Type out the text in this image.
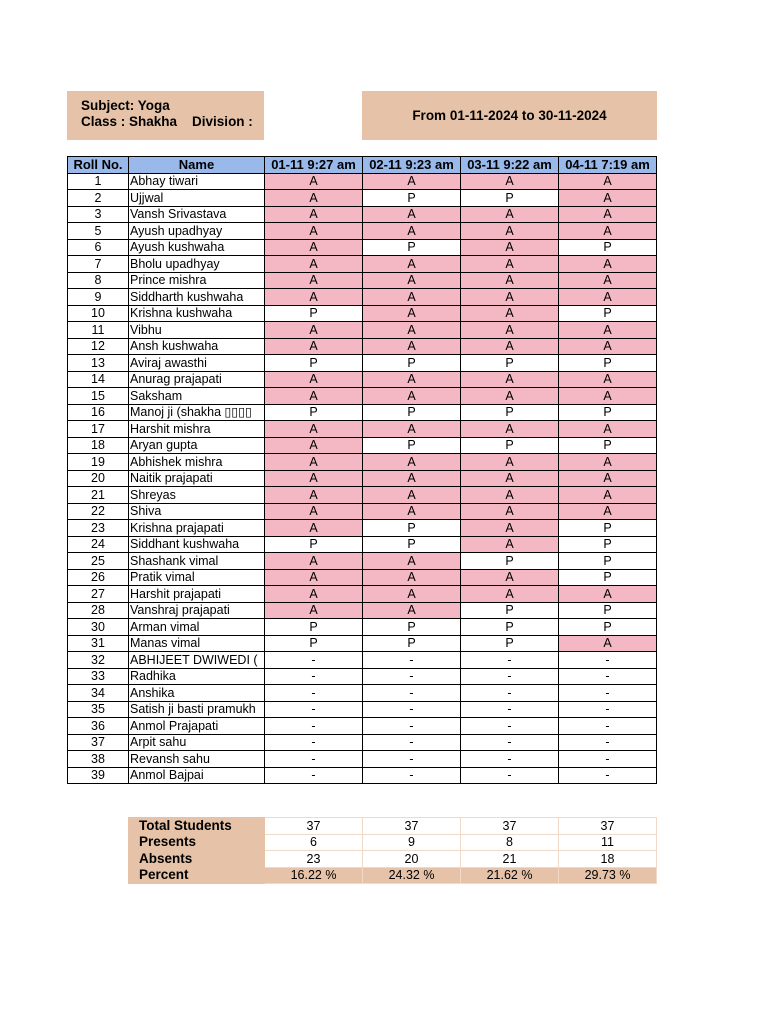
Subject: Yoga
Class : Shakha    Division :	From 01-11-2024 to 30-11-2024
Roll No.	Name	01-11 9:27 am	02-11 9:23 am	03-11 9:22 am	04-11 7:19 am
1	Abhay tiwari	A	A	A	A
2	Ujjwal	A	P	P	A
3	Vansh Srivastava	A	A	A	A
5	Ayush upadhyay	A	A	A	A
6	Ayush kushwaha	A	P	A	P
7	Bholu upadhyay	A	A	A	A
8	Prince mishra	A	A	A	A
9	Siddharth kushwaha	A	A	A	A
10	Krishna kushwaha	P	A	A	P
11	Vibhu	A	A	A	A
12	Ansh kushwaha	A	A	A	A
13	Aviraj awasthi	P	P	P	P
14	Anurag prajapati	A	A	A	A
15	Saksham	A	A	A	A
16	Manoj ji (shakha ▯▯▯▯	P	P	P	P
17	Harshit mishra	A	A	A	A
18	Aryan gupta	A	P	P	P
19	Abhishek mishra	A	A	A	A
20	Naitik prajapati	A	A	A	A
21	Shreyas	A	A	A	A
22	Shiva	A	A	A	A
23	Krishna prajapati	A	P	A	P
24	Siddhant kushwaha	P	P	A	P
25	Shashank vimal	A	A	P	P
26	Pratik vimal	A	A	A	P
27	Harshit prajapati	A	A	A	A
28	Vanshraj prajapati	A	A	P	P
30	Arman vimal	P	P	P	P
31	Manas vimal	P	P	P	A
32	ABHIJEET DWIWEDI (	-	-	-	-
33	Radhika	-	-	-	-
34	Anshika	-	-	-	-
35	Satish ji basti pramukh	-	-	-	-
36	Anmol Prajapati	-	-	-	-
37	Arpit sahu	-	-	-	-
38	Revansh sahu	-	-	-	-
39	Anmol Bajpai	-	-	-	-
Total Students	37	37	37	37
Presents	6	9	8	11
Absents	23	20	21	18
Percent	16.22 %	24.32 %	21.62 %	29.73 %
